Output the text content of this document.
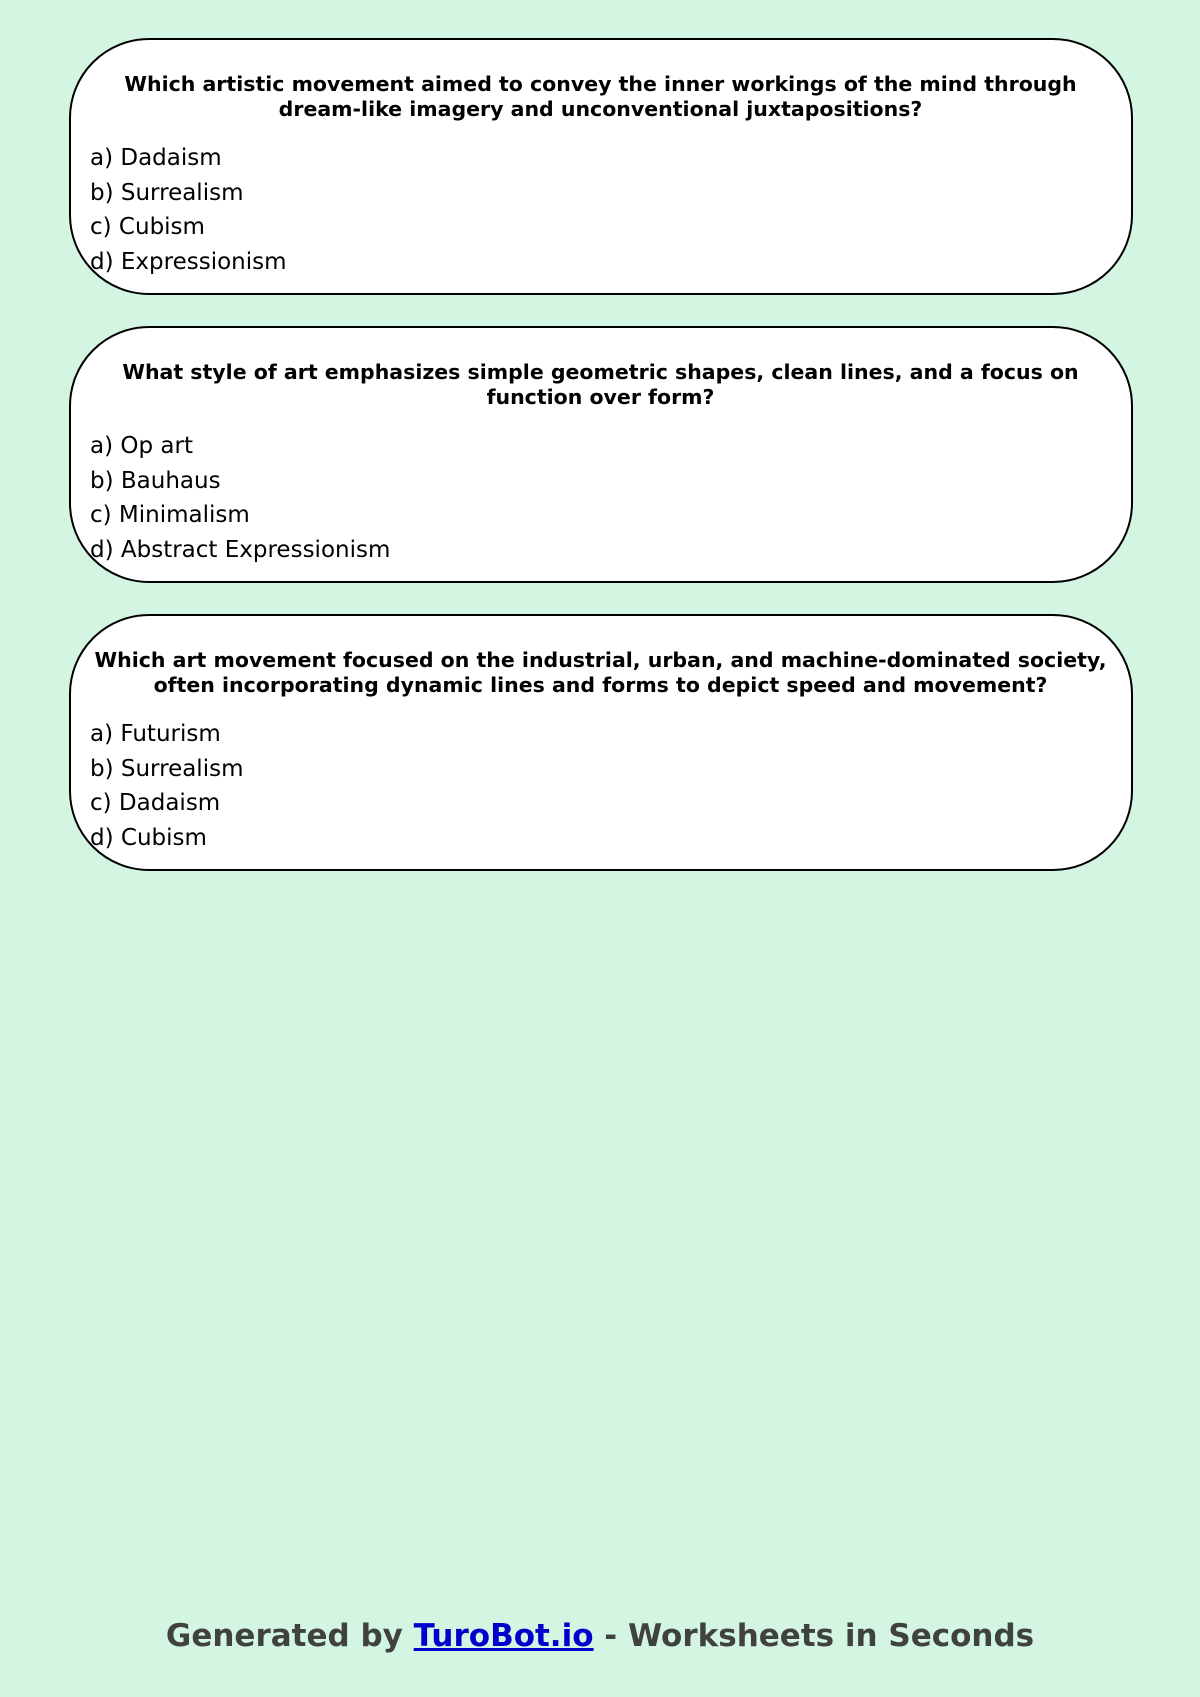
Which artistic movement aimed to convey the inner workings of the mind through dream-like imagery and unconventional juxtapositions?

a) Dadaism
b) Surrealism
c) Cubism
d) Expressionism

What style of art emphasizes simple geometric shapes, clean lines, and a focus on function over form?

a) Op art
b) Bauhaus
c) Minimalism
d) Abstract Expressionism

Which art movement focused on the industrial, urban, and machine-dominated society, often incorporating dynamic lines and forms to depict speed and movement?

a) Futurism
b) Surrealism
c) Dadaism
d) Cubism
Generated by TuroBot.io - Worksheets in Seconds
